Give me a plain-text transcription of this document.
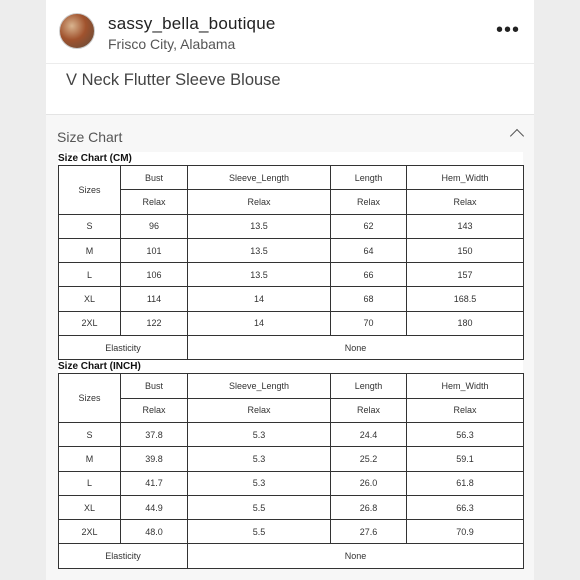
sassy_bella_boutique
Frisco City, Alabama
•••
V Neck Flutter Sleeve Blouse
Size Chart
Size Chart (CM)
Sizes	Bust	Sleeve_Length	Length	Hem_Width
	Relax	Relax	Relax	Relax
S	96	13.5	62	143
M	101	13.5	64	150
L	106	13.5	66	157
XL	114	14	68	168.5
2XL	122	14	70	180
Elasticity		None		
Size Chart (INCH)
Sizes	Bust	Sleeve_Length	Length	Hem_Width
	Relax	Relax	Relax	Relax
S	37.8	5.3	24.4	56.3
M	39.8	5.3	25.2	59.1
L	41.7	5.3	26.0	61.8
XL	44.9	5.5	26.8	66.3
2XL	48.0	5.5	27.6	70.9
Elasticity		None		
